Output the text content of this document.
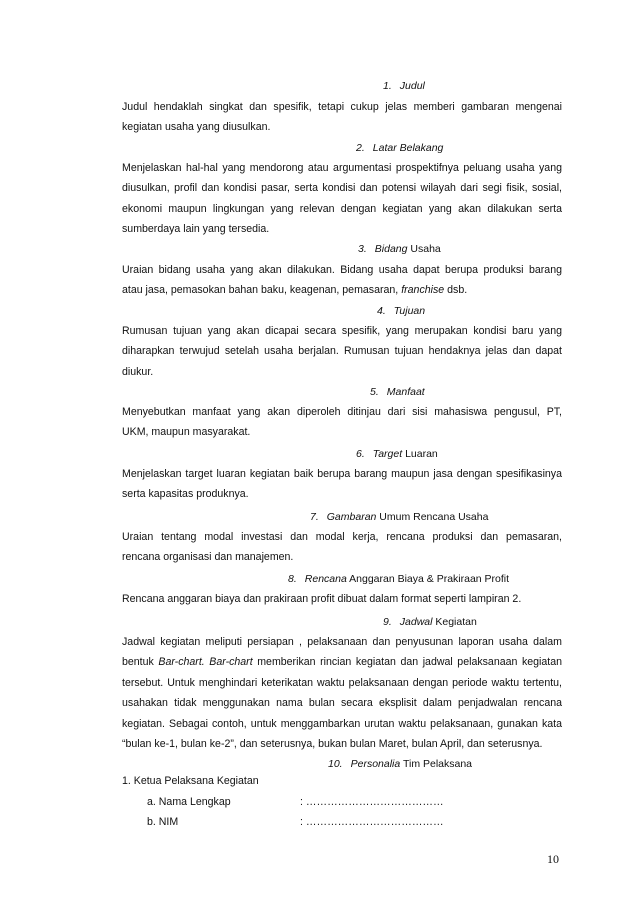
1. Judul
Judul hendaklah singkat dan spesifik, tetapi cukup jelas memberi gambaran mengenai
kegiatan usaha yang diusulkan.
2. Latar Belakang
Menjelaskan hal-hal yang mendorong atau argumentasi prospektifnya peluang usaha yang
diusulkan, profil dan kondisi pasar, serta kondisi dan potensi wilayah dari segi fisik, sosial,
ekonomi maupun lingkungan yang relevan dengan kegiatan yang akan dilakukan serta
sumberdaya lain yang tersedia.
3. Bidang Usaha
Uraian bidang usaha yang akan dilakukan. Bidang usaha dapat berupa produksi barang
atau jasa, pemasokan bahan baku, keagenan, pemasaran, franchise dsb.
4. Tujuan
Rumusan tujuan yang akan dicapai secara spesifik, yang merupakan kondisi baru yang
diharapkan terwujud setelah usaha berjalan. Rumusan tujuan hendaknya jelas dan dapat
diukur.
5. Manfaat
Menyebutkan manfaat yang akan diperoleh ditinjau dari sisi mahasiswa pengusul, PT,
UKM, maupun masyarakat.
6. Target Luaran
Menjelaskan target luaran kegiatan baik berupa barang maupun jasa dengan spesifikasinya
serta kapasitas produknya.
7. Gambaran Umum Rencana Usaha
Uraian tentang modal investasi dan modal kerja, rencana produksi dan pemasaran,
rencana organisasi dan manajemen.
8. Rencana Anggaran Biaya & Prakiraan Profit
Rencana anggaran biaya dan prakiraan profit dibuat dalam format seperti lampiran 2.
9. Jadwal Kegiatan
Jadwal kegiatan meliputi persiapan , pelaksanaan dan penyusunan laporan usaha dalam
bentuk Bar-chart. Bar-chart memberikan rincian kegiatan dan jadwal pelaksanaan kegiatan
tersebut. Untuk menghindari keterikatan waktu pelaksanaan dengan periode waktu tertentu,
usahakan tidak menggunakan nama bulan secara eksplisit dalam penjadwalan rencana
kegiatan. Sebagai contoh, untuk menggambarkan urutan waktu pelaksanaan, gunakan kata
“bulan ke-1, bulan ke-2”, dan seterusnya, bukan bulan Maret, bulan April, dan seterusnya.
10. Personalia Tim Pelaksana
1. Ketua Pelaksana Kegiatan
a. Nama Lengkap	: …………………………………
b. NIM	: …………………………………
10
